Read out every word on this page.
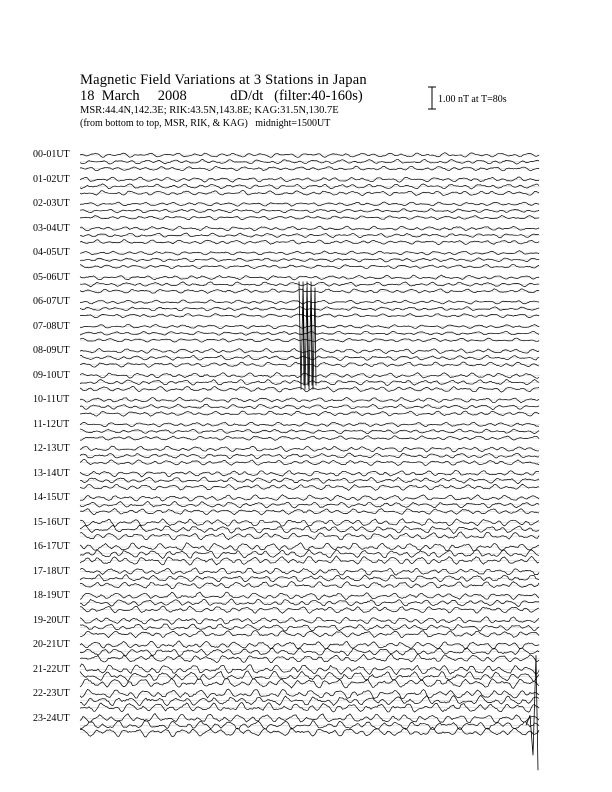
Magnetic Field Variations at 3 Stations in Japan
18 March 2008	dD/dt (filter:40-160s)
MSR:44.4N,142.3E; RIK:43.5N,143.8E; KAG:31.5N,130.7E
(from bottom to top, MSR, RIK, & KAG) midnight=1500UT
1.00 nT at T=80s
00-01UT
01-02UT
02-03UT
03-04UT
04-05UT
05-06UT
06-07UT
07-08UT
08-09UT
09-10UT
10-11UT
11-12UT
12-13UT
13-14UT
14-15UT
15-16UT
16-17UT
17-18UT
18-19UT
19-20UT
20-21UT
21-22UT
22-23UT
23-24UT
